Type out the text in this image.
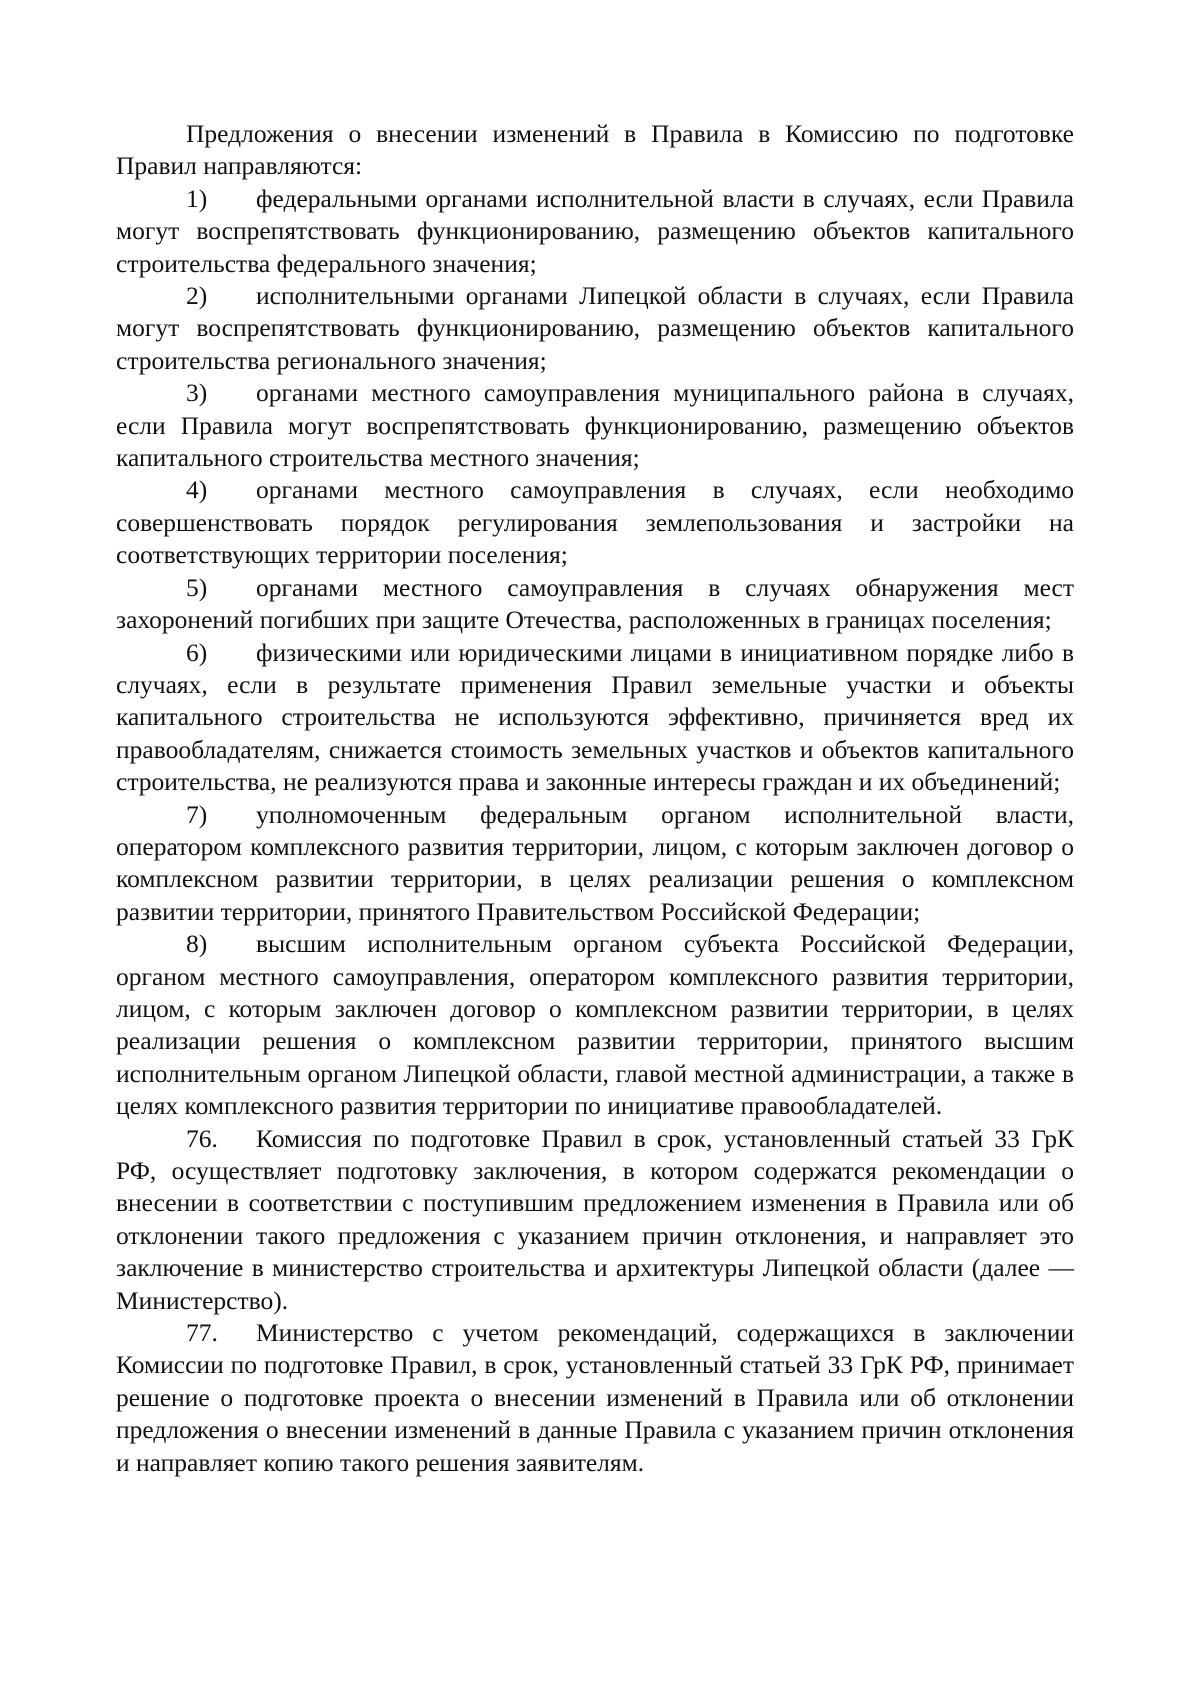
Предложения о внесении изменений в Правила в Комиссию по подготовке Правил направляются:

1) федеральными органами исполнительной власти в случаях, если Правила могут воспрепятствовать функционированию, размещению объектов капитального строительства федерального значения;

2) исполнительными органами Липецкой области в случаях, если Правила могут воспрепятствовать функционированию, размещению объектов капитального строительства регионального значения;

3) органами местного самоуправления муниципального района в случаях, если Правила могут воспрепятствовать функционированию, размещению объектов капитального строительства местного значения;

4) органами местного самоуправления в случаях, если необходимо совершенствовать порядок регулирования землепользования и застройки на соответствующих территории поселения;

5) органами местного самоуправления в случаях обнаружения мест захоронений погибших при защите Отечества, расположенных в границах поселения;

6) физическими или юридическими лицами в инициативном порядке либо в случаях, если в результате применения Правил земельные участки и объекты капитального строительства не используются эффективно, причиняется вред их правообладателям, снижается стоимость земельных участков и объектов капитального строительства, не реализуются права и законные интересы граждан и их объединений;

7) уполномоченным федеральным органом исполнительной власти, оператором комплексного развития территории, лицом, с которым заключен договор о комплексном развитии территории, в целях реализации решения о комплексном развитии территории, принятого Правительством Российской Федерации;

8) высшим исполнительным органом субъекта Российской Федерации, органом местного самоуправления, оператором комплексного развития территории, лицом, с которым заключен договор о комплексном развитии территории, в целях реализации решения о комплексном развитии территории, принятого высшим исполнительным органом Липецкой области, главой местной администрации, а также в целях комплексного развития территории по инициативе правообладателей.

76. Комиссия по подготовке Правил в срок, установленный статьей 33 ГрК РФ, осуществляет подготовку заключения, в котором содержатся рекомендации о внесении в соответствии с поступившим предложением изменения в Правила или об отклонении такого предложения с указанием причин отклонения, и направляет это заключение в министерство строительства и архитектуры Липецкой области (далее — Министерство).

77. Министерство с учетом рекомендаций, содержащихся в заключении Комиссии по подготовке Правил, в срок, установленный статьей 33 ГрК РФ, принимает решение о подготовке проекта о внесении изменений в Правила или об отклонении предложения о внесении изменений в данные Правила с указанием причин отклонения и направляет копию такого решения заявителям.
